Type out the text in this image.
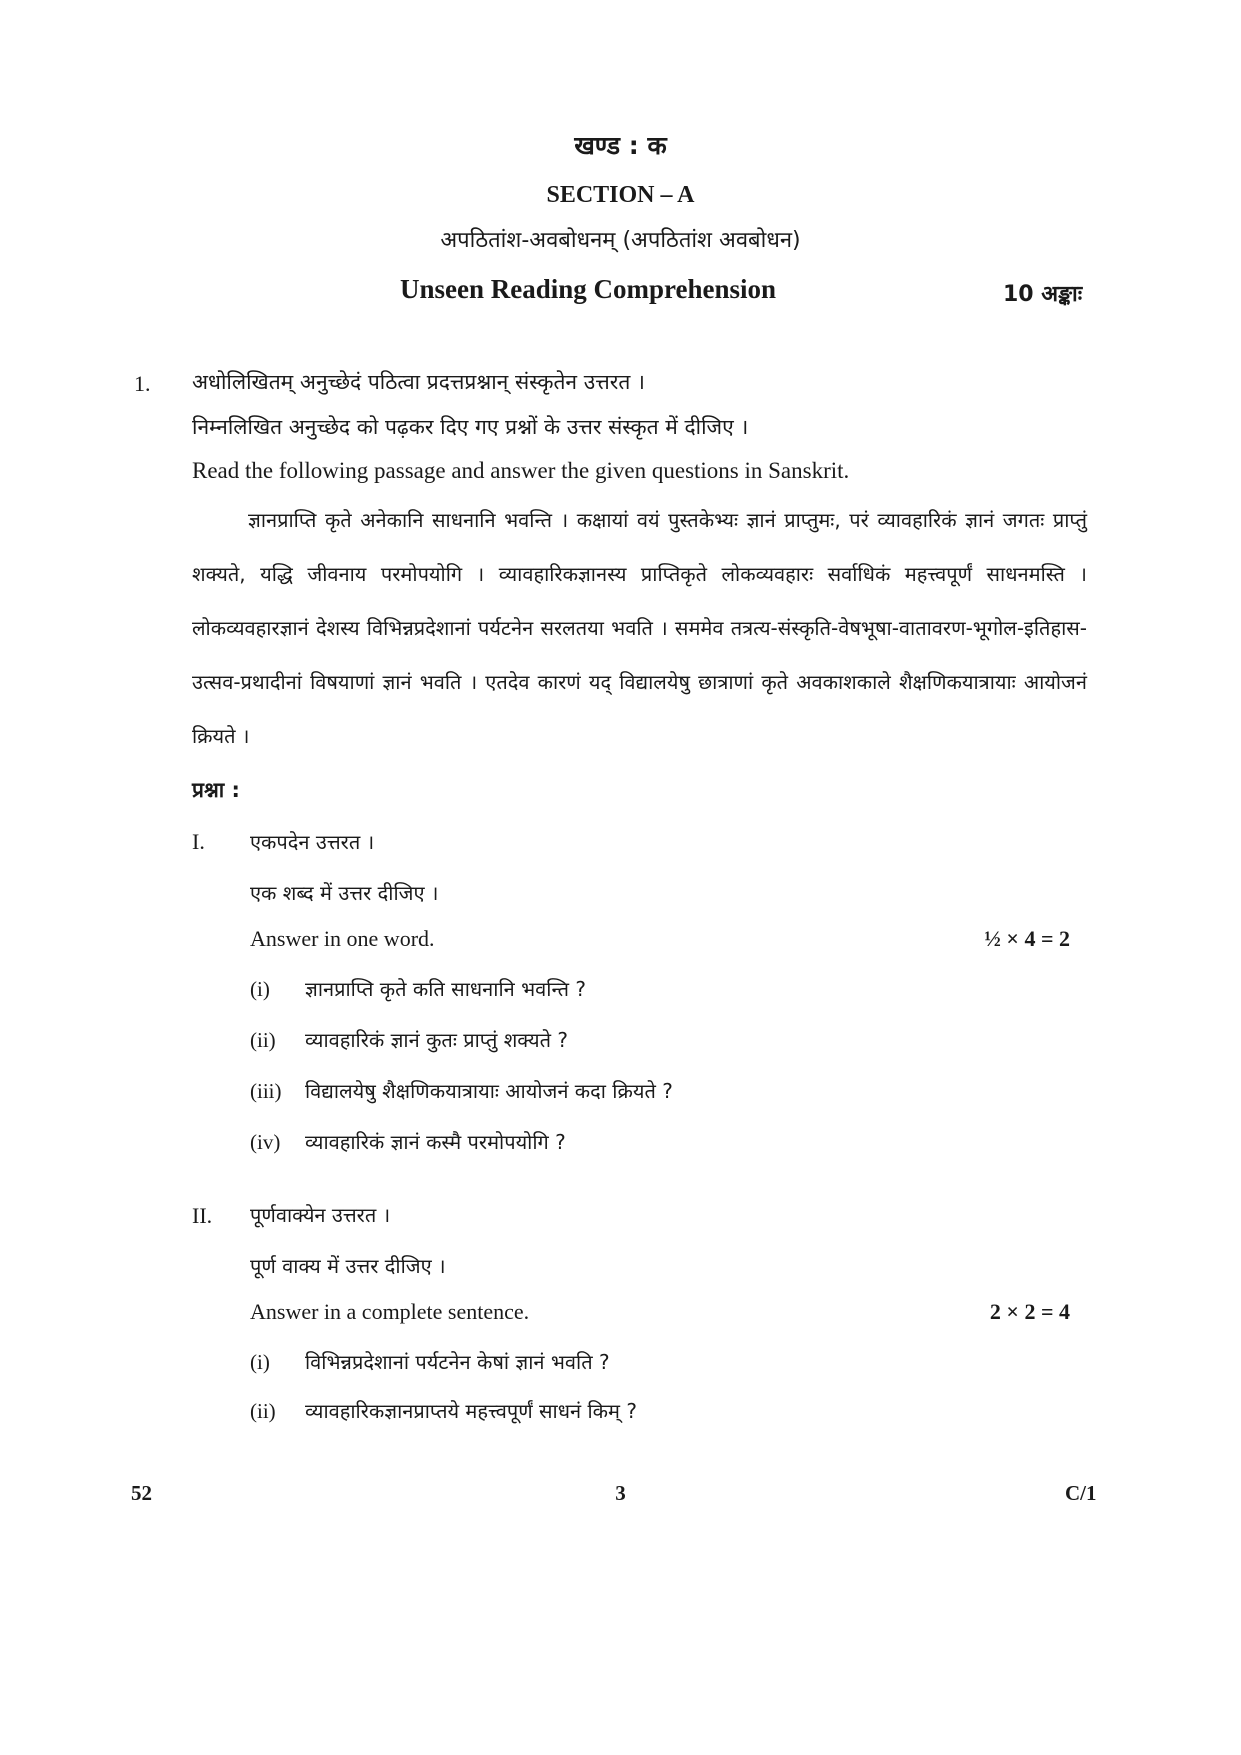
खण्ड : क
SECTION – A
अपठितांश-अवबोधनम् (अपठितांश अवबोधन)
Unseen Reading Comprehension	10 अङ्काः
1. अधोलिखितम् अनुच्छेदं पठित्वा प्रदत्तप्रश्नान् संस्कृतेन उत्तरत ।
निम्नलिखित अनुच्छेद को पढ़कर दिए गए प्रश्नों के उत्तर संस्कृत में दीजिए ।
Read the following passage and answer the given questions in Sanskrit.

ज्ञानप्राप्ति कृते अनेकानि साधनानि भवन्ति । कक्षायां वयं पुस्तकेभ्यः ज्ञानं प्राप्तुमः, परं व्यावहारिकं ज्ञानं जगतः प्राप्तुं शक्यते, यद्धि जीवनाय परमोपयोगि । व्यावहारिकज्ञानस्य प्राप्तिकृते लोकव्यवहारः सर्वाधिकं महत्त्वपूर्णं साधनमस्ति । लोकव्यवहारज्ञानं देशस्य विभिन्नप्रदेशानां पर्यटनेन सरलतया भवति । सममेव तत्रत्य-संस्कृति-वेषभूषा-वातावरण-भूगोल-इतिहास-उत्सव-प्रथादीनां विषयाणां ज्ञानं भवति । एतदेव कारणं यद् विद्यालयेषु छात्राणां कृते अवकाशकाले शैक्षणिकयात्रायाः आयोजनं क्रियते ।

प्रश्ना :
I. एकपदेन उत्तरत ।
एक शब्द में उत्तर दीजिए ।
Answer in one word.	½ × 4 = 2
(i) ज्ञानप्राप्ति कृते कति साधनानि भवन्ति ?
(ii) व्यावहारिकं ज्ञानं कुतः प्राप्तुं शक्यते ?
(iii) विद्यालयेषु शैक्षणिकयात्रायाः आयोजनं कदा क्रियते ?
(iv) व्यावहारिकं ज्ञानं कस्मै परमोपयोगि ?
II. पूर्णवाक्येन उत्तरत ।
पूर्ण वाक्य में उत्तर दीजिए ।
Answer in a complete sentence.	2 × 2 = 4
(i) विभिन्नप्रदेशानां पर्यटनेन केषां ज्ञानं भवति ?
(ii) व्यावहारिकज्ञानप्राप्तये महत्त्वपूर्णं साधनं किम् ?
52	3	C/1
